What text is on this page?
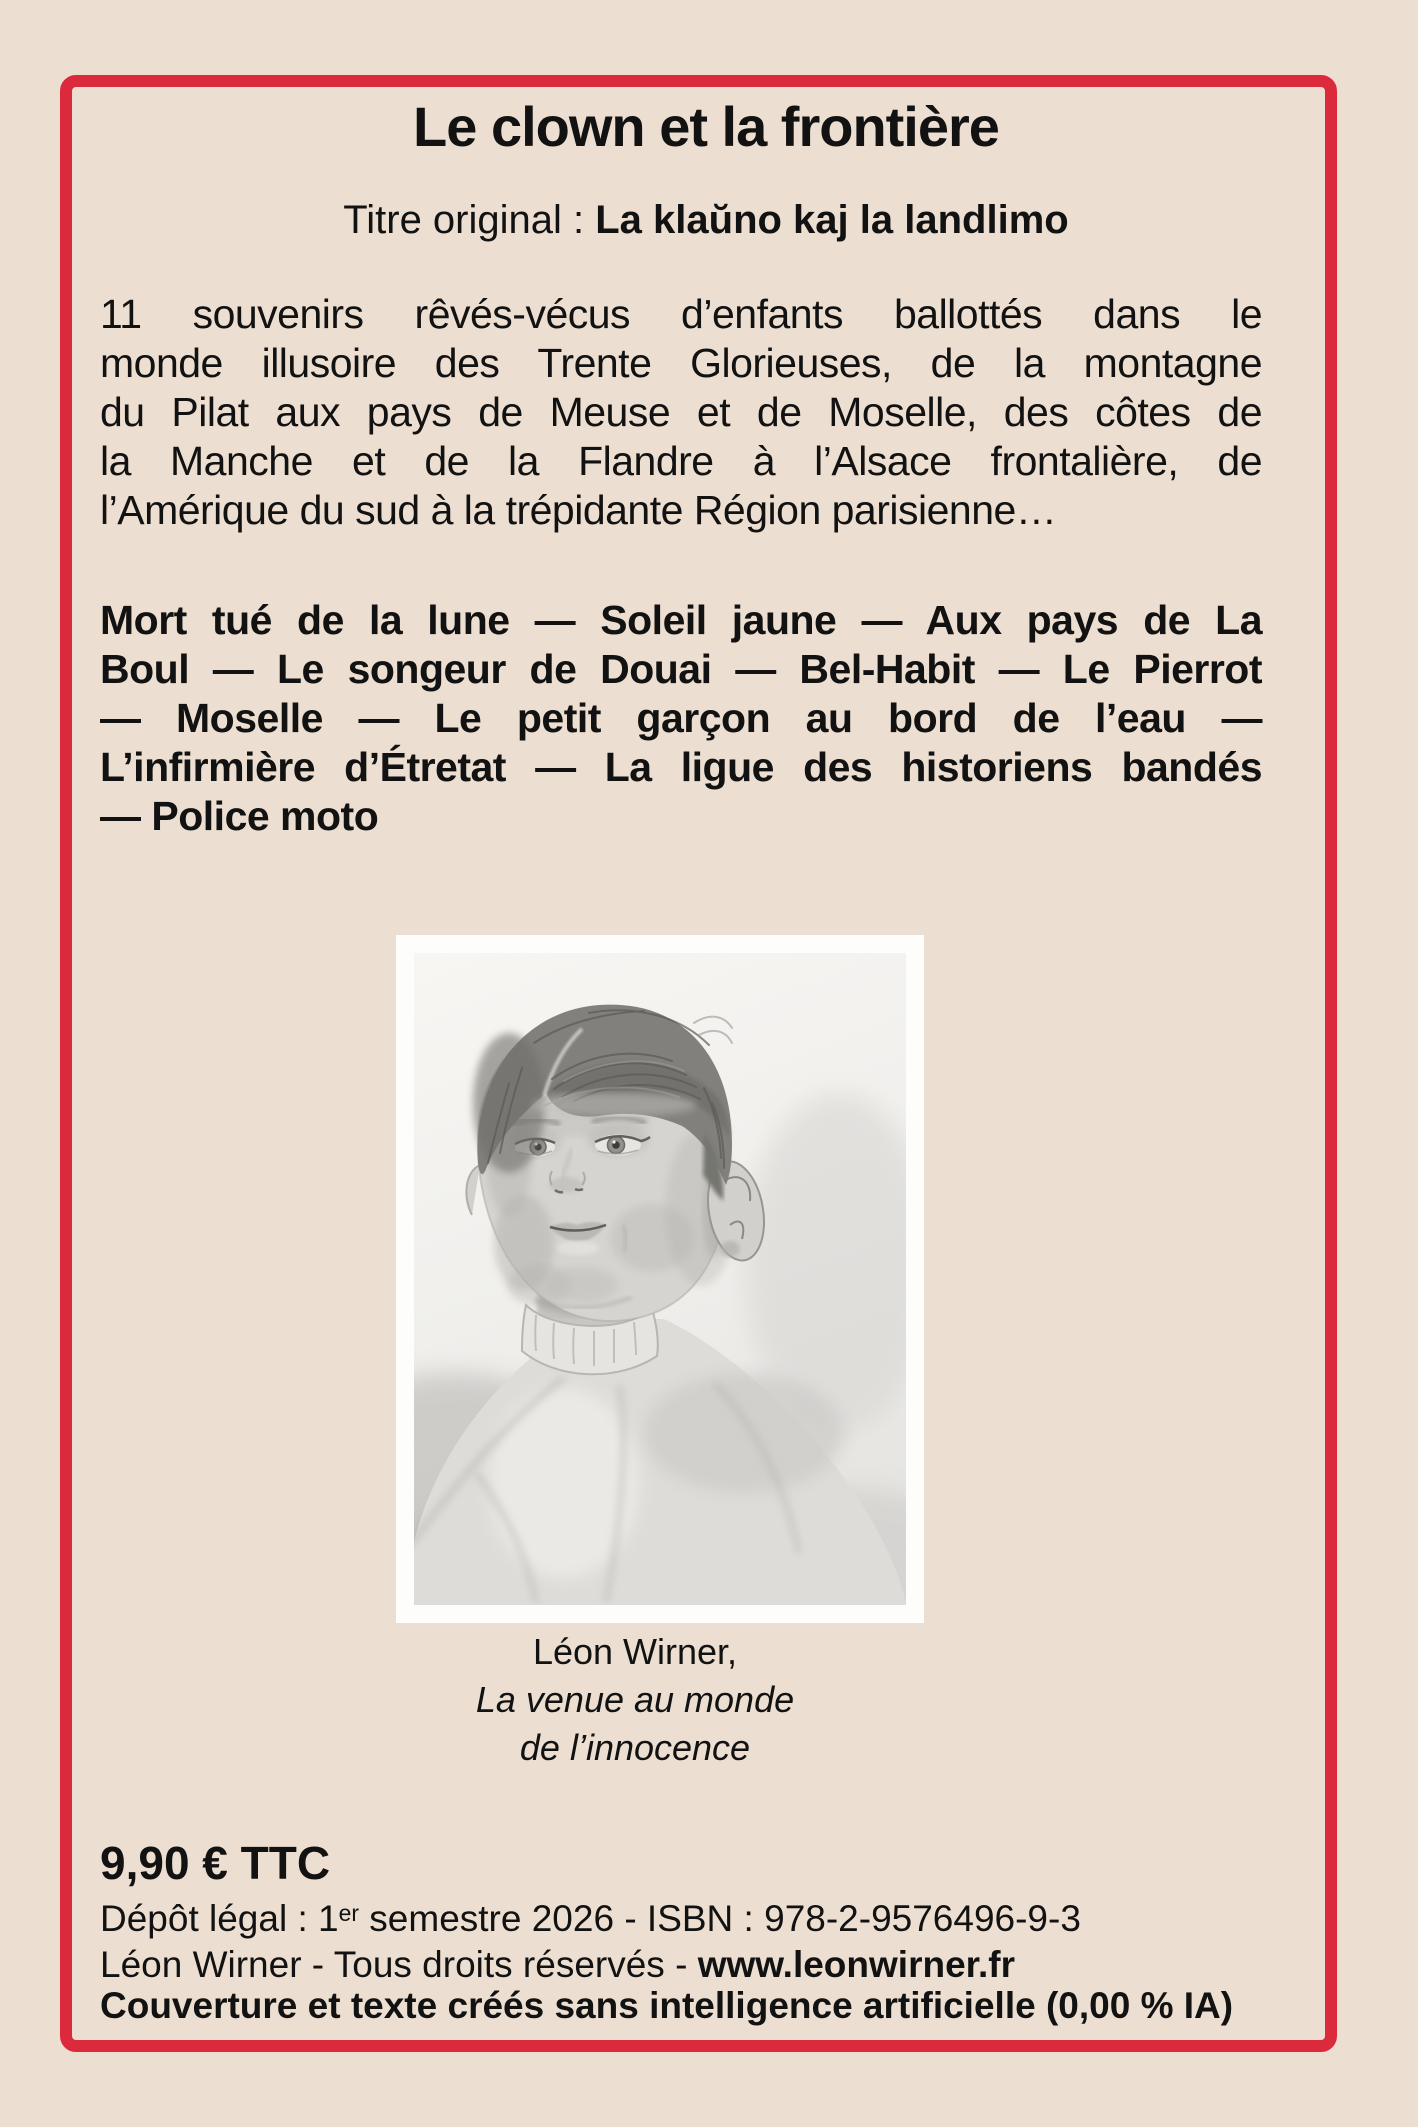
Le clown et la frontière
Titre original : La klaŭno kaj la landlimo
11 souvenirs rêvés-vécus d’enfants ballottés dans le
monde illusoire des Trente Glorieuses, de la montagne
du Pilat aux pays de Meuse et de Moselle, des côtes de
la Manche et de la Flandre à l’Alsace frontalière, de
l’Amérique du sud à la trépidante Région parisienne…
Mort tué de la lune — Soleil jaune — Aux pays de La
Boul — Le songeur de Douai — Bel-Habit — Le Pierrot
— Moselle — Le petit garçon au bord de l’eau —
L’infirmière d’Étretat — La ligue des historiens bandés
— Police moto
Léon Wirner,
La venue au monde
de l’innocence
9,90 € TTC
Dépôt légal : 1er semestre 2026 - ISBN : 978-2-9576496-9-3
Léon Wirner - Tous droits réservés - www.leonwirner.fr
Couverture et texte créés sans intelligence artificielle (0,00 % IA)
